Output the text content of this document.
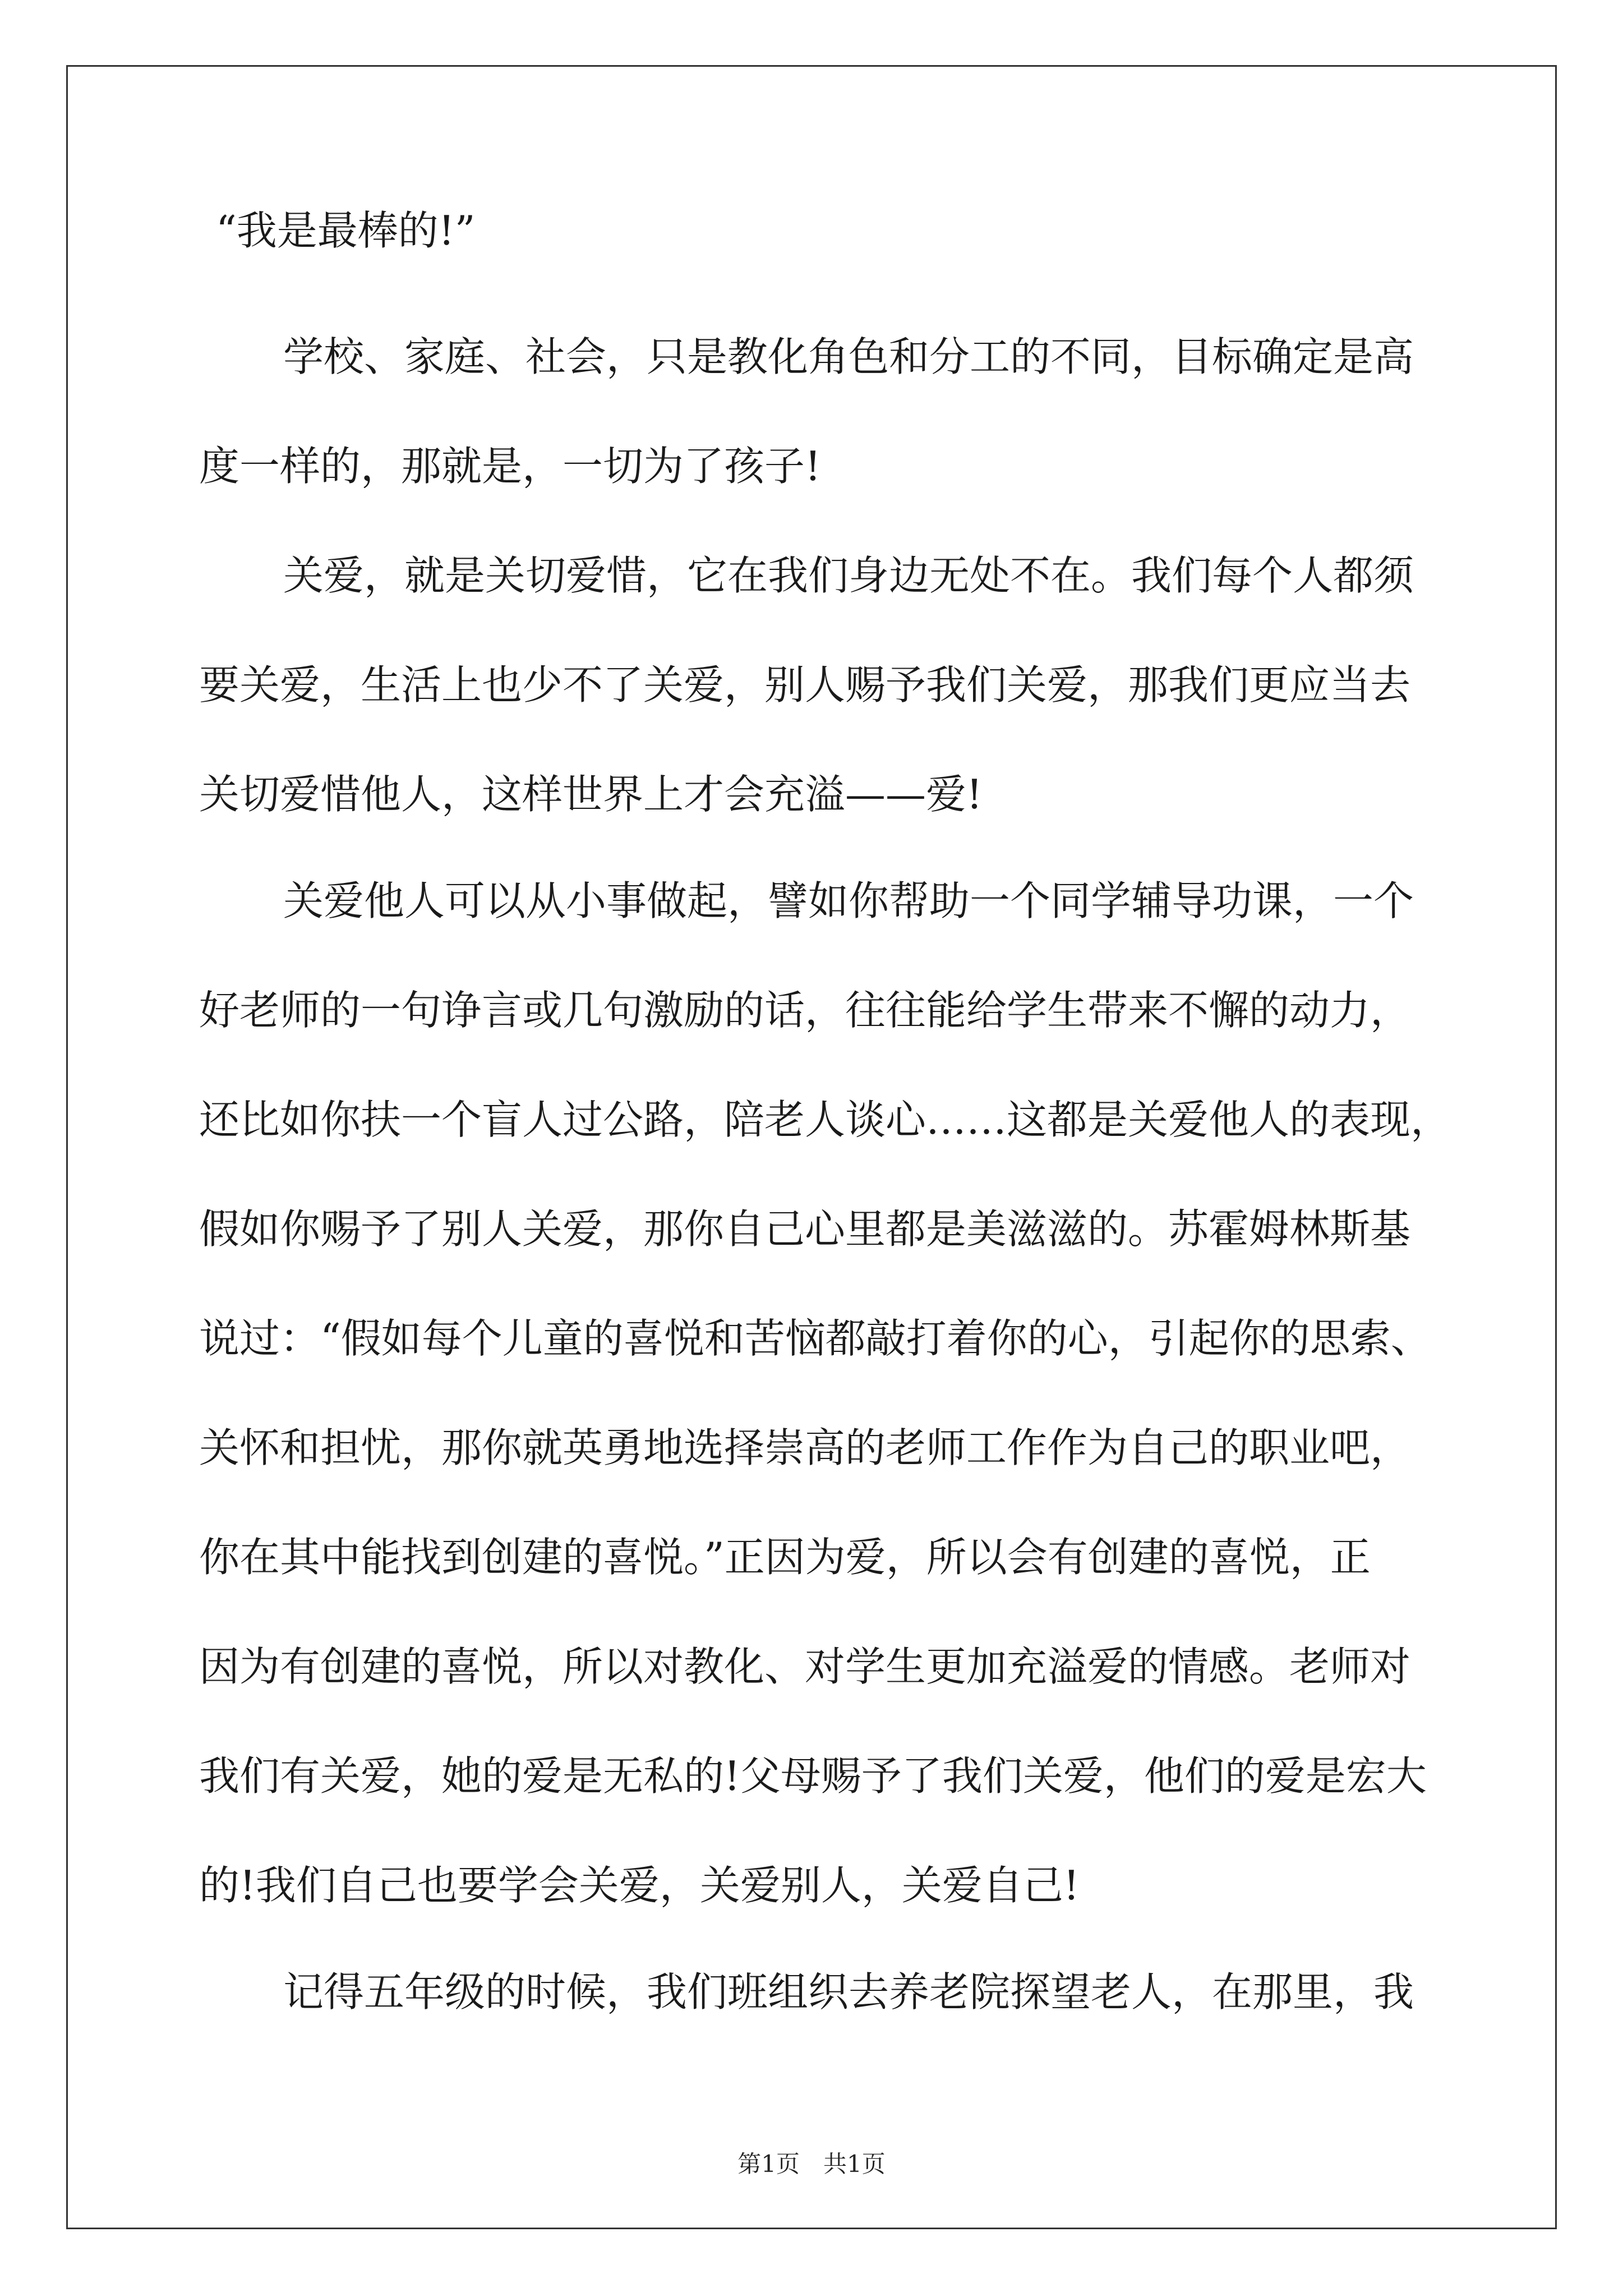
“我是最棒的!”
学校、家庭、社会，只是教化角色和分工的不同，目标确定是高
度一样的，那就是，一切为了孩子!
关爱，就是关切爱惜，它在我们身边无处不在。我们每个人都须
要关爱，生活上也少不了关爱，别人赐予我们关爱，那我们更应当去
关切爱惜他人，这样世界上才会充溢——爱!
关爱他人可以从小事做起，譬如你帮助一个同学辅导功课，一个
好老师的一句诤言或几句激励的话，往往能给学生带来不懈的动力，
还比如你扶一个盲人过公路，陪老人谈心……这都是关爱他人的表现，
假如你赐予了别人关爱，那你自己心里都是美滋滋的。苏霍姆林斯基
说过：“假如每个儿童的喜悦和苦恼都敲打着你的心，引起你的思索、
关怀和担忧，那你就英勇地选择崇高的老师工作作为自己的职业吧，
你在其中能找到创建的喜悦。”正因为爱，所以会有创建的喜悦，正
因为有创建的喜悦，所以对教化、对学生更加充溢爱的情感。老师对
我们有关爱，她的爱是无私的!父母赐予了我们关爱，他们的爱是宏大
的!我们自己也要学会关爱，关爱别人，关爱自己!
记得五年级的时候，我们班组织去养老院探望老人，在那里，我
第1页　共1页
